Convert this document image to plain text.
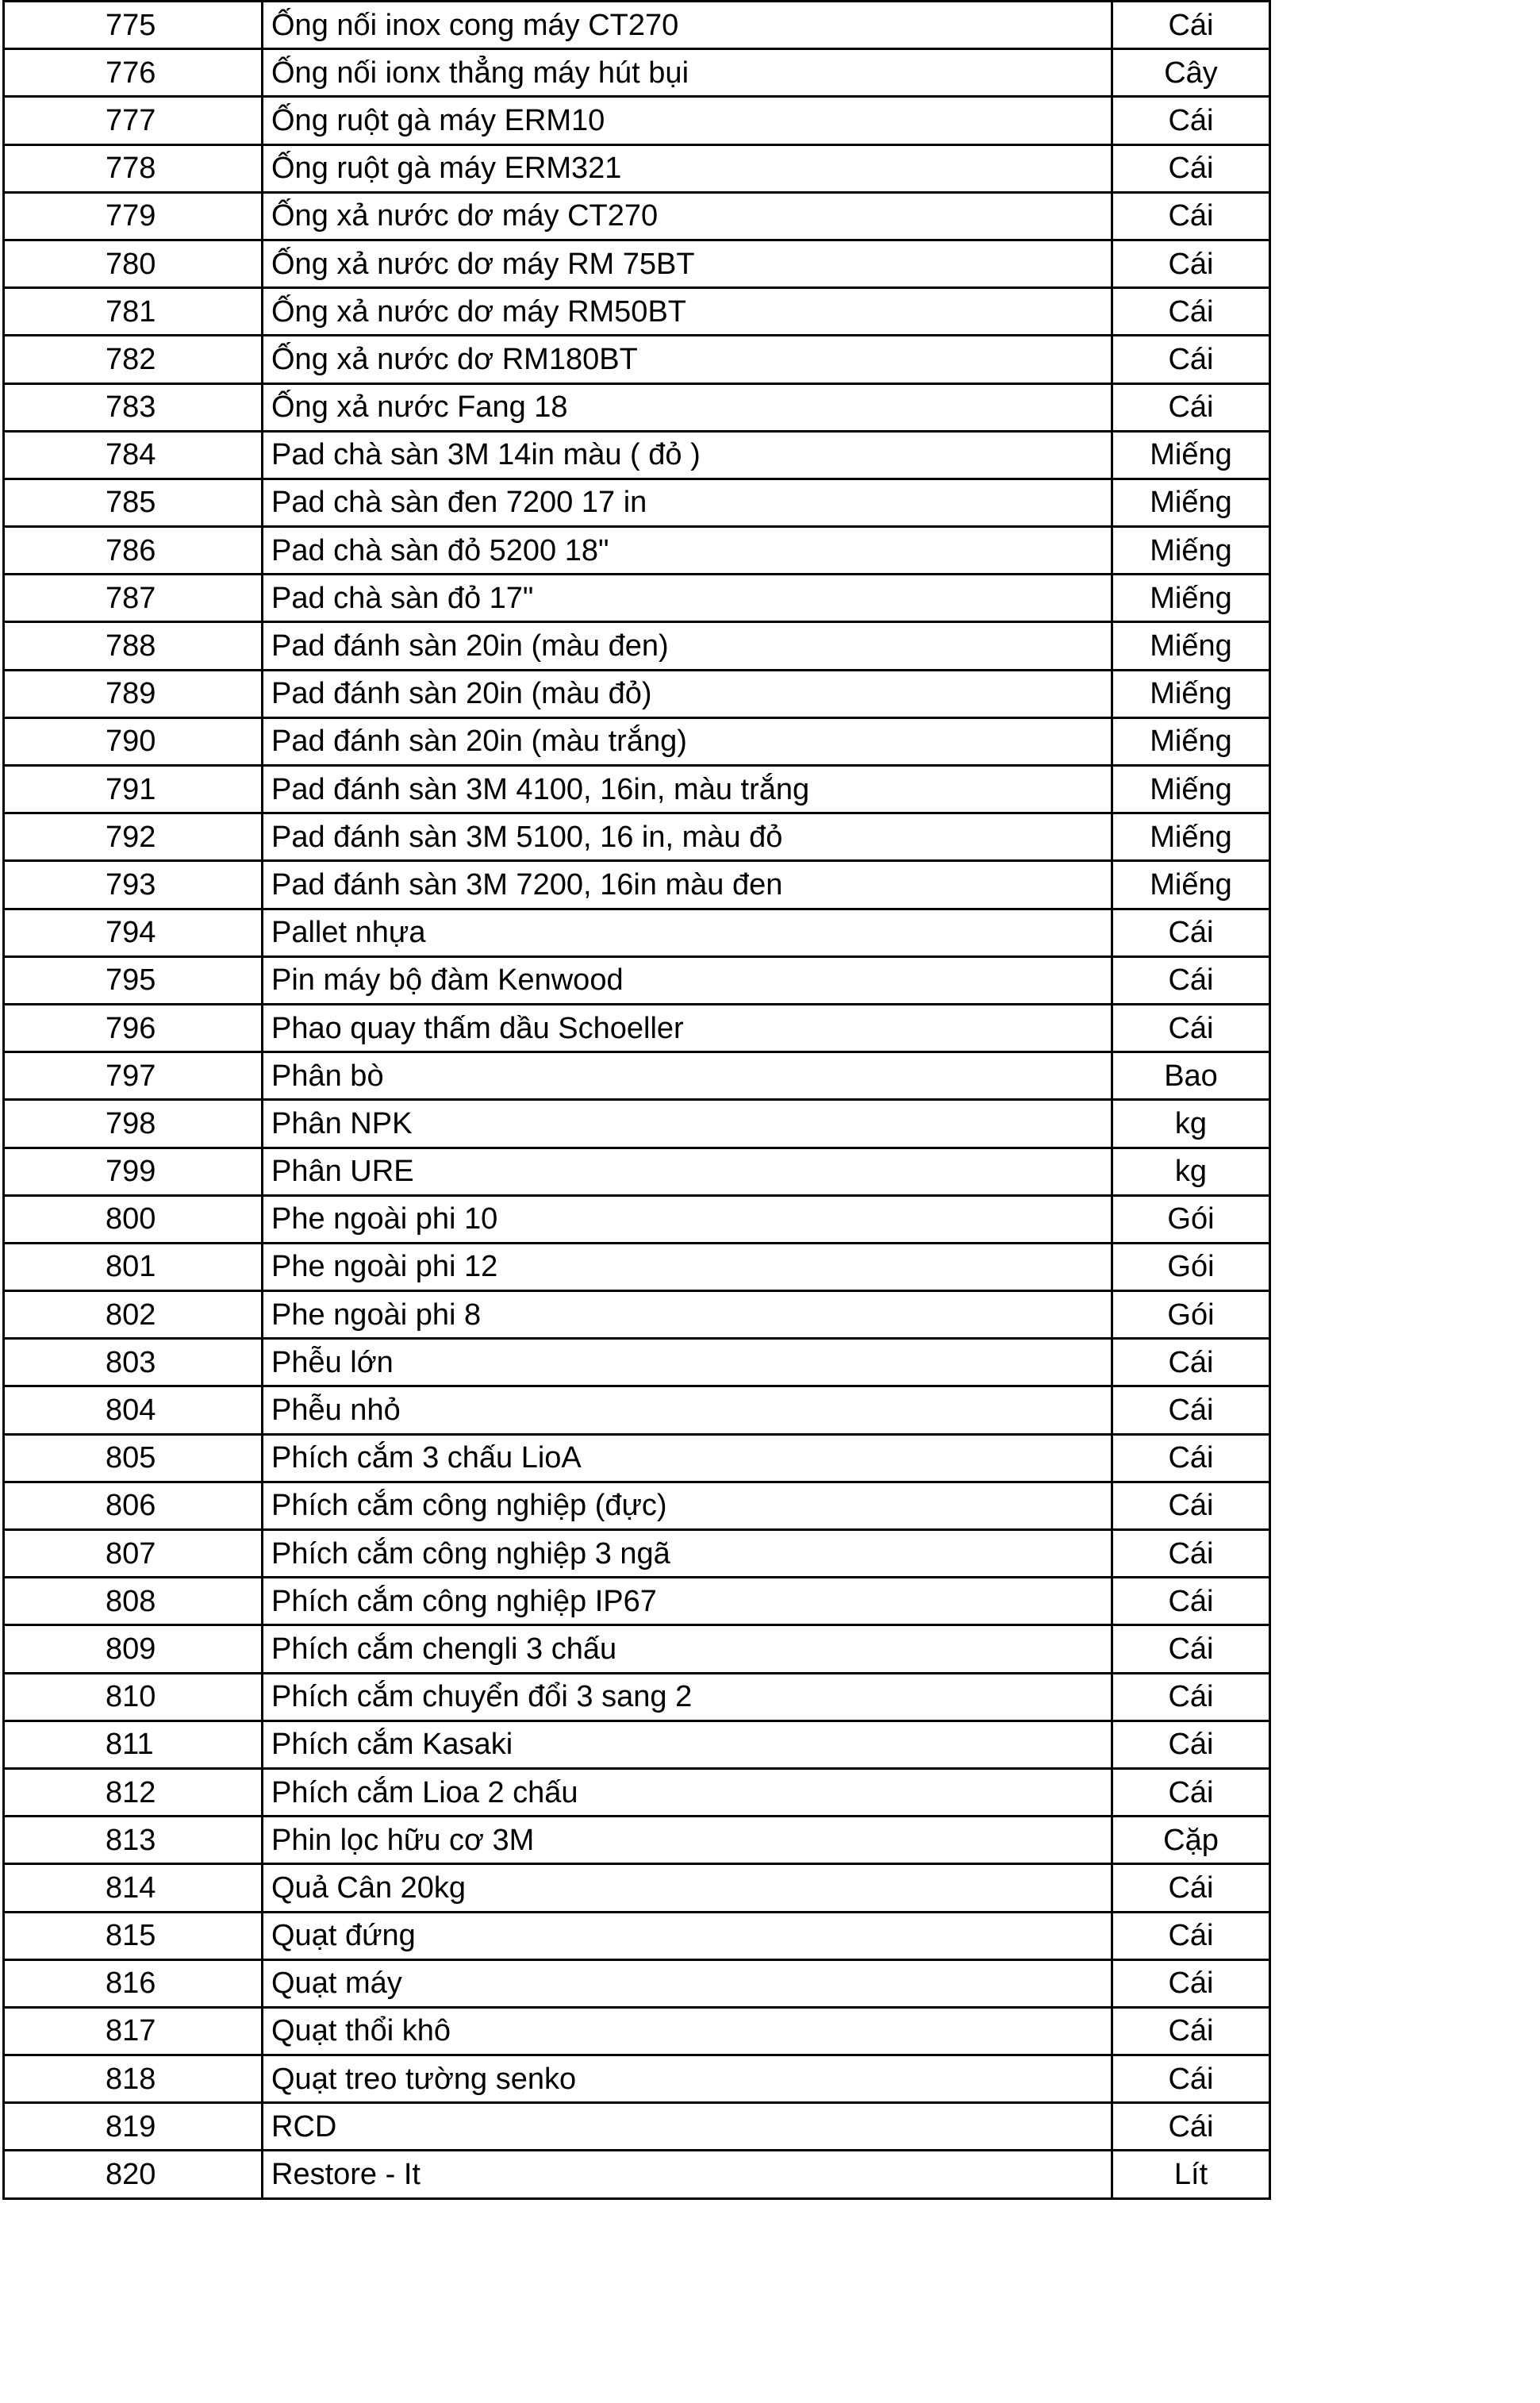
775	Ống nối inox cong máy CT270	Cái
776	Ống nối ionx thẳng máy hút bụi	Cây
777	Ống ruột gà máy ERM10	Cái
778	Ống ruột gà máy ERM321	Cái
779	Ống xả nước dơ máy CT270	Cái
780	Ống xả nước dơ máy RM 75BT	Cái
781	Ống xả nước dơ máy RM50BT	Cái
782	Ống xả nước dơ RM180BT	Cái
783	Ống xả nước Fang 18	Cái
784	Pad chà sàn 3M 14in màu ( đỏ )	Miếng
785	Pad chà sàn đen 7200 17 in	Miếng
786	Pad chà sàn đỏ 5200 18"	Miếng
787	Pad chà sàn đỏ 17"	Miếng
788	Pad đánh sàn 20in (màu đen)	Miếng
789	Pad đánh sàn 20in (màu đỏ)	Miếng
790	Pad đánh sàn 20in (màu trắng)	Miếng
791	Pad đánh sàn 3M 4100, 16in, màu trắng	Miếng
792	Pad đánh sàn 3M 5100, 16 in, màu đỏ	Miếng
793	Pad đánh sàn 3M 7200, 16in màu đen	Miếng
794	Pallet nhựa	Cái
795	Pin máy bộ đàm Kenwood	Cái
796	Phao quay thấm dầu Schoeller	Cái
797	Phân bò	Bao
798	Phân NPK	kg
799	Phân URE	kg
800	Phe ngoài phi 10	Gói
801	Phe ngoài phi 12	Gói
802	Phe ngoài phi 8	Gói
803	Phễu lớn	Cái
804	Phễu nhỏ	Cái
805	Phích cắm 3 chấu LioA	Cái
806	Phích cắm công nghiệp (đực)	Cái
807	Phích cắm công nghiệp 3 ngã	Cái
808	Phích cắm công nghiệp IP67	Cái
809	Phích cắm chengli 3 chấu	Cái
810	Phích cắm chuyển đổi 3 sang 2	Cái
811	Phích cắm Kasaki	Cái
812	Phích cắm Lioa 2 chấu	Cái
813	Phin lọc hữu cơ 3M	Cặp
814	Quả Cân 20kg	Cái
815	Quạt đứng	Cái
816	Quạt máy	Cái
817	Quạt thổi khô	Cái
818	Quạt treo tường senko	Cái
819	RCD	Cái
820	Restore - It	Lít
